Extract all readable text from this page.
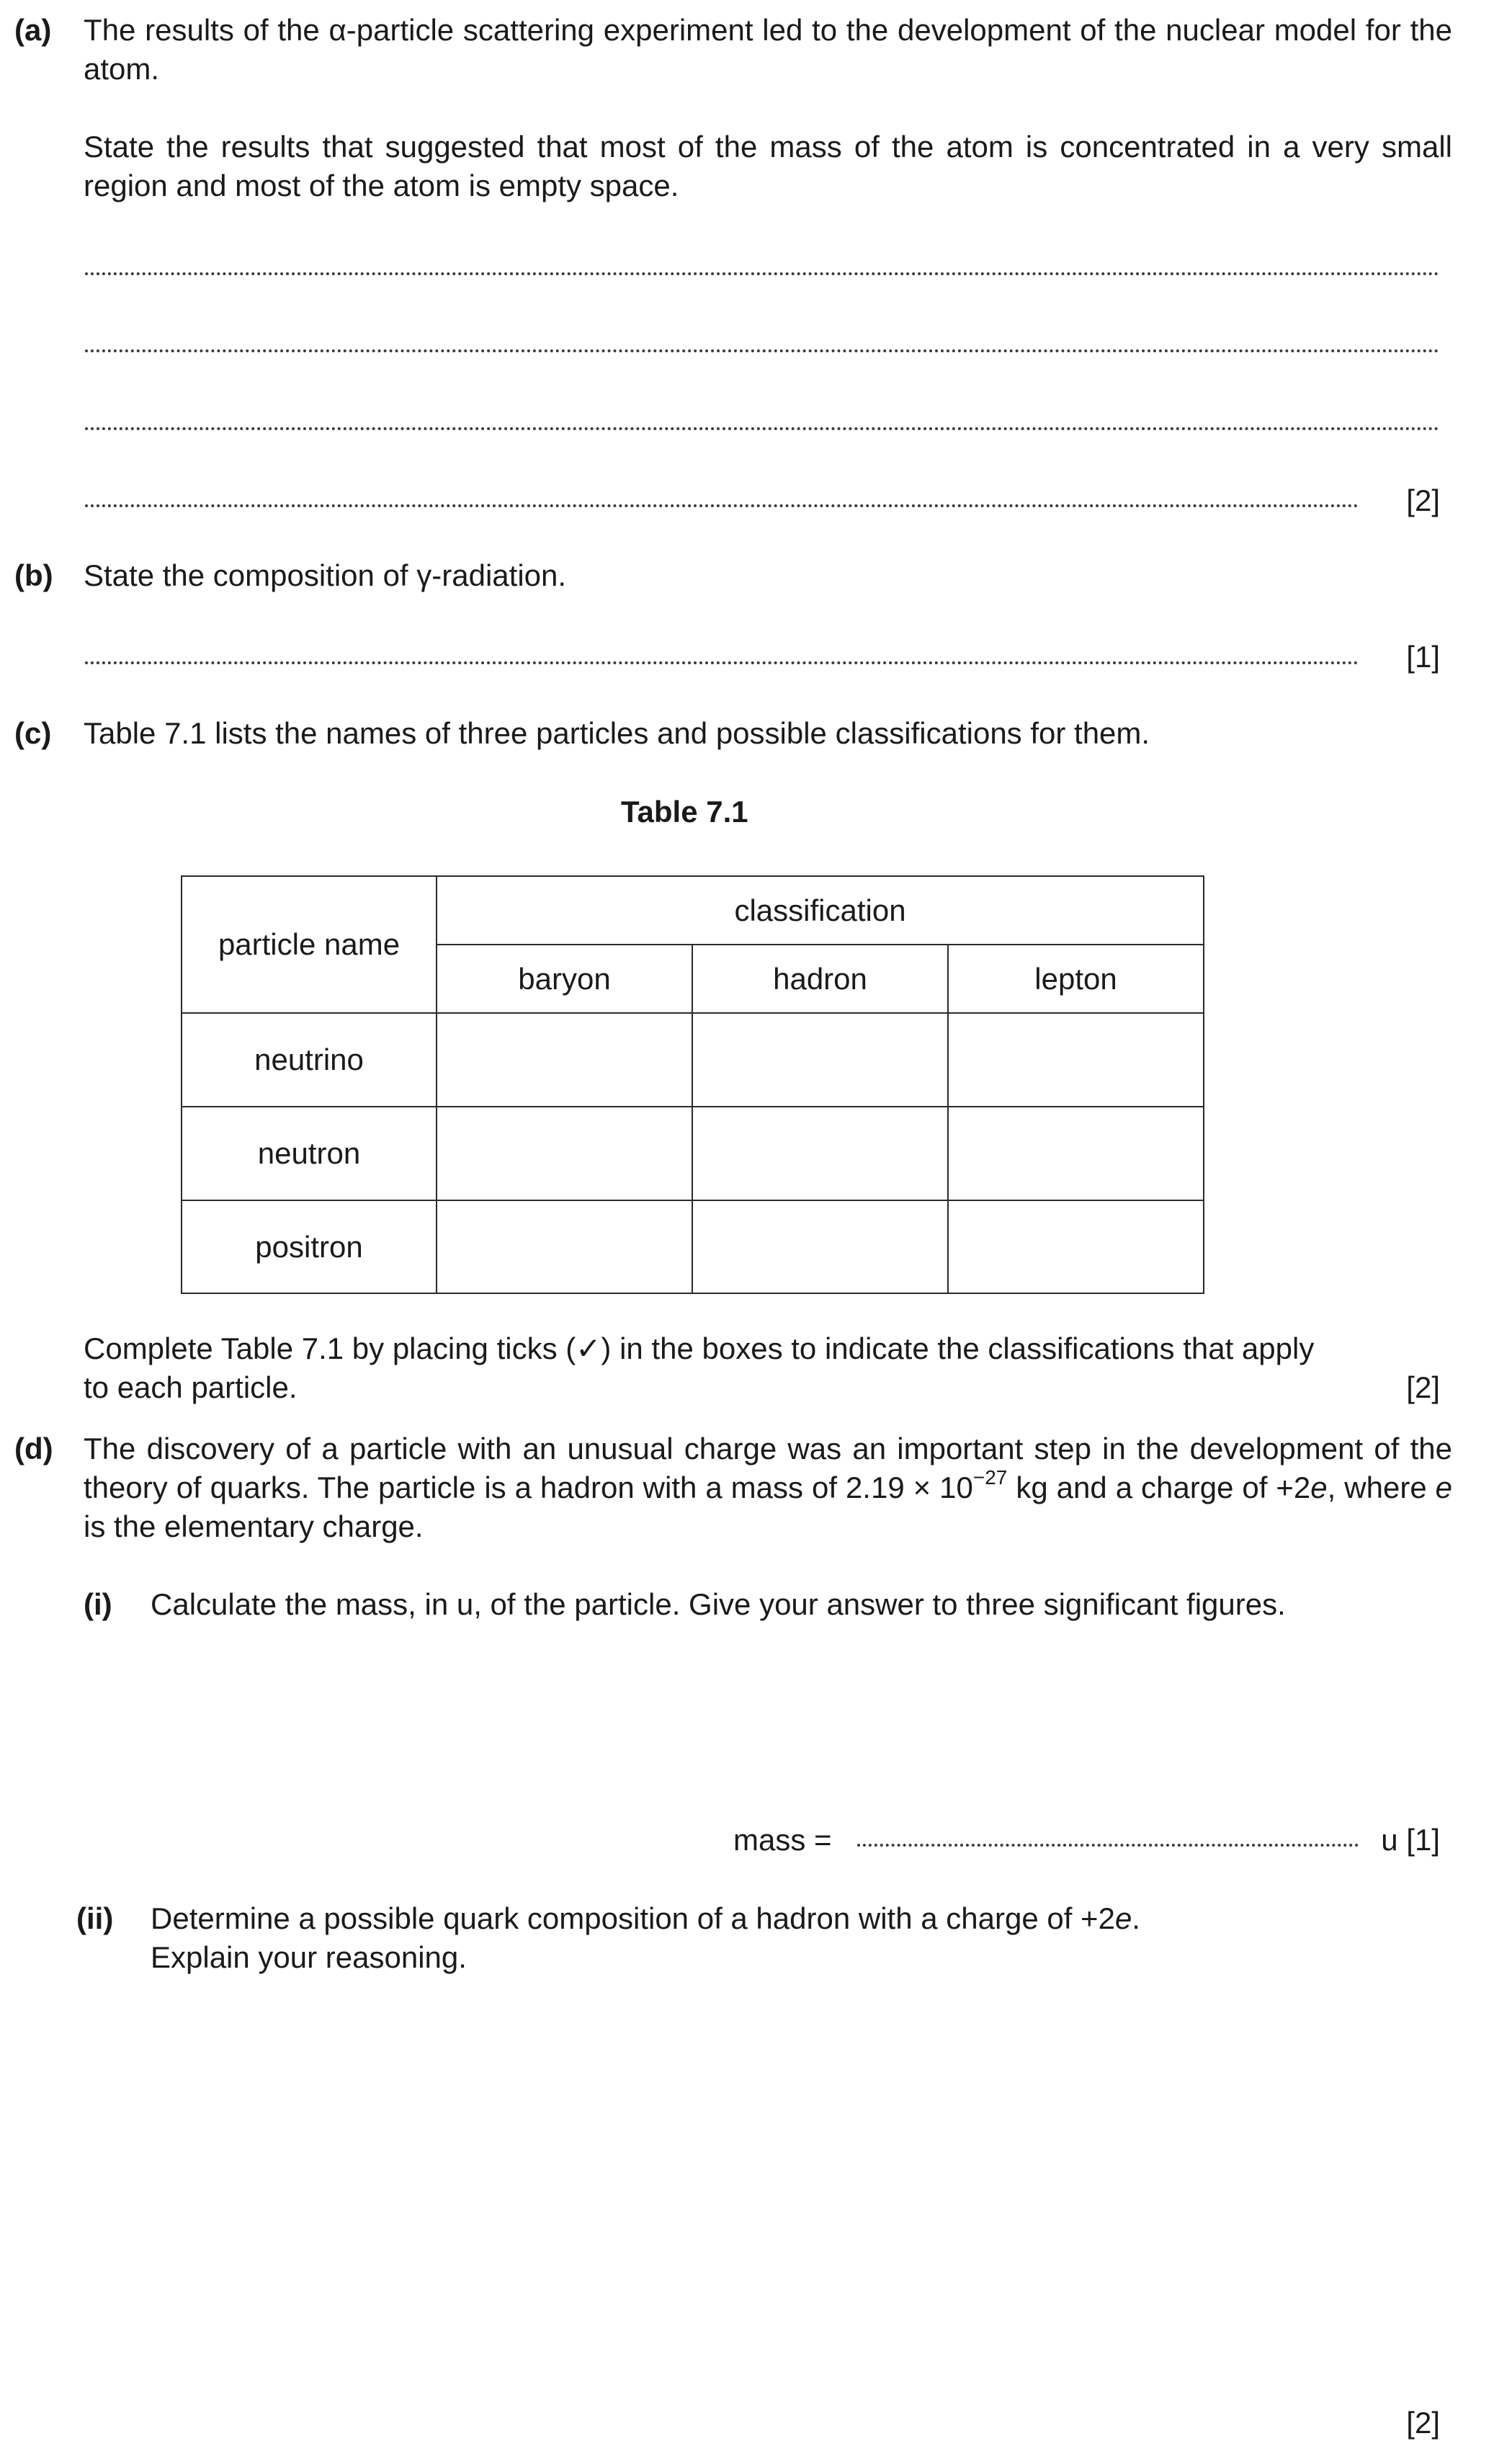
(a) The results of the α-particle scattering experiment led to the development of the nuclear model for the atom.
State the results that suggested that most of the mass of the atom is concentrated in a very small region and most of the atom is empty space.
[2]
(b) State the composition of γ-radiation.
[1]
(c) Table 7.1 lists the names of three particles and possible classifications for them.
Table 7.1
particle name	classification		
	baryon	hadron	lepton
neutrino			
neutron			
positron			
Complete Table 7.1 by placing ticks (✓) in the boxes to indicate the classifications that apply to each particle.	[2]
(d) The discovery of a particle with an unusual charge was an important step in the development of the theory of quarks. The particle is a hadron with a mass of $2.19 \times 10^{-27}$ kg and a charge of +2e, where e is the elementary charge.
(i) Calculate the mass, in u, of the particle. Give your answer to three significant figures.
mass =	u [1]
(ii) Determine a possible quark composition of a hadron with a charge of +2e.
Explain your reasoning.
[2]
